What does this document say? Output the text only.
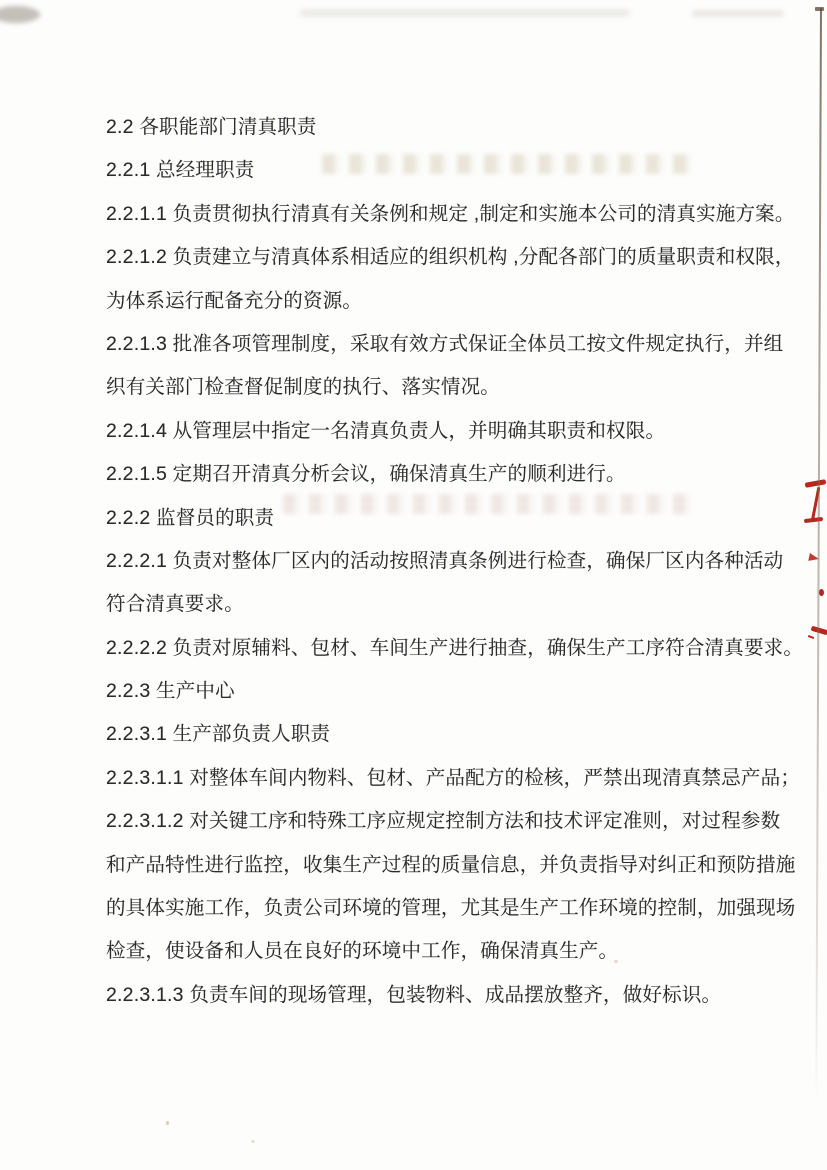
2.2 各职能部门清真职责
2.2.1 总经理职责
2.2.1.1 负责贯彻执行清真有关条例和规定 ,制定和实施本公司的清真实施方案。
2.2.1.2 负责建立与清真体系相适应的组织机构 ,分配各部门的质量职责和权限，
为体系运行配备充分的资源。
2.2.1.3 批准各项管理制度，采取有效方式保证全体员工按文件规定执行，并组
织有关部门检查督促制度的执行、落实情况。
2.2.1.4 从管理层中指定一名清真负责人，并明确其职责和权限。
2.2.1.5 定期召开清真分析会议，确保清真生产的顺利进行。
2.2.2 监督员的职责
2.2.2.1 负责对整体厂区内的活动按照清真条例进行检查，确保厂区内各种活动
符合清真要求。
2.2.2.2 负责对原辅料、包材、车间生产进行抽查，确保生产工序符合清真要求。
2.2.3 生产中心
2.2.3.1 生产部负责人职责
2.2.3.1.1 对整体车间内物料、包材、产品配方的检核，严禁出现清真禁忌产品；
2.2.3.1.2 对关键工序和特殊工序应规定控制方法和技术评定准则，对过程参数
和产品特性进行监控，收集生产过程的质量信息，并负责指导对纠正和预防措施
的具体实施工作，负责公司环境的管理，尤其是生产工作环境的控制，加强现场
检查，使设备和人员在良好的环境中工作，确保清真生产。
2.2.3.1.3 负责车间的现场管理，包装物料、成品摆放整齐，做好标识。
